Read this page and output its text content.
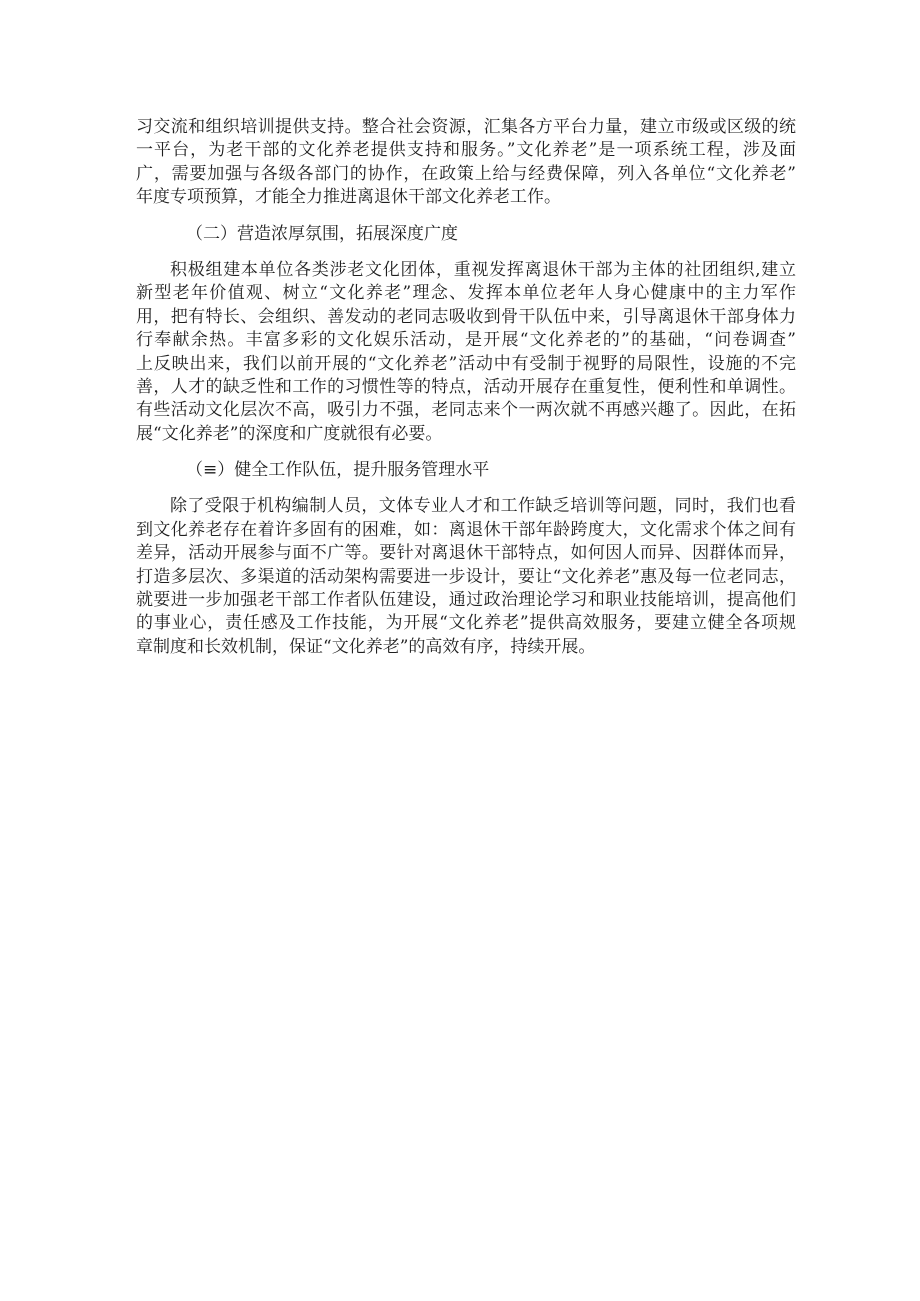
习交流和组织培训提供支持。整合社会资源，汇集各方平台力量，建立市级或区级的统
一平台，为老干部的文化养老提供支持和服务。”文化养老”是一项系统工程，涉及面
广，需要加强与各级各部门的协作，在政策上给与经费保障，列入各单位“文化养老”
年度专项预算，才能全力推进离退休干部文化养老工作。
（二）营造浓厚氛围，拓展深度广度
积极组建本单位各类涉老文化团体，重视发挥离退休干部为主体的社团组织,建立
新型老年价值观、树立“文化养老”理念、发挥本单位老年人身心健康中的主力军作
用，把有特长、会组织、善发动的老同志吸收到骨干队伍中来，引导离退休干部身体力
行奉献余热。丰富多彩的文化娱乐活动，是开展“文化养老的”的基础，“问卷调查”
上反映出来，我们以前开展的“文化养老”活动中有受制于视野的局限性，设施的不完
善，人才的缺乏性和工作的习惯性等的特点，活动开展存在重复性，便利性和单调性。
有些活动文化层次不高，吸引力不强，老同志来个一两次就不再感兴趣了。因此，在拓
展“文化养老”的深度和广度就很有必要。
（≡）健全工作队伍，提升服务管理水平
除了受限于机构编制人员，文体专业人才和工作缺乏培训等问题，同时，我们也看
到文化养老存在着许多固有的困难，如：离退休干部年龄跨度大，文化需求个体之间有
差异，活动开展参与面不广等。要针对离退休干部特点，如何因人而异、因群体而异，
打造多层次、多渠道的活动架构需要进一步设计，要让“文化养老”惠及每一位老同志，
就要进一步加强老干部工作者队伍建设，通过政治理论学习和职业技能培训，提高他们
的事业心，责任感及工作技能，为开展“文化养老”提供高效服务，要建立健全各项规
章制度和长效机制，保证“文化养老”的高效有序，持续开展。
